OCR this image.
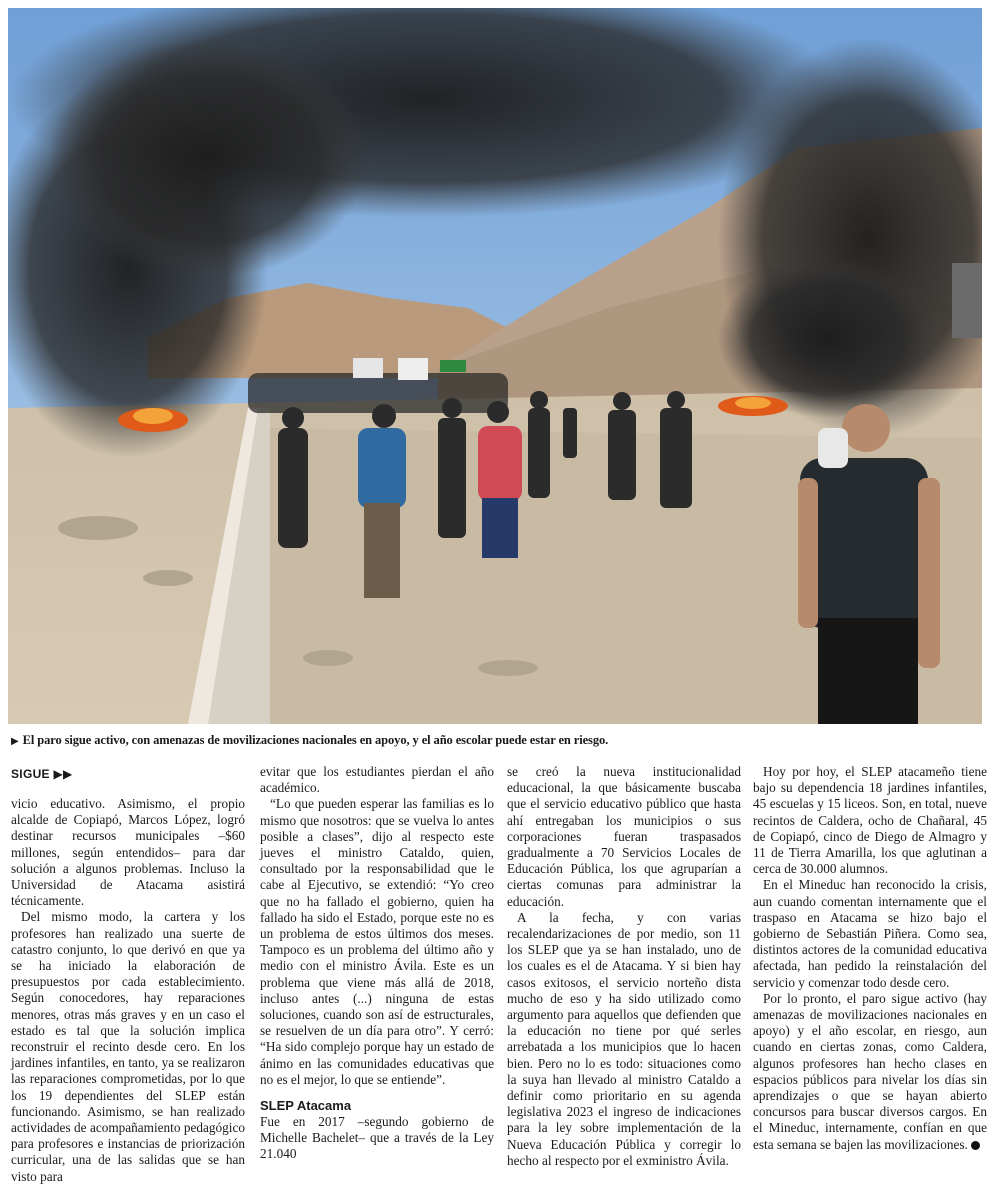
▶ El paro sigue activo, con amenazas de movilizaciones nacionales en apoyo, y el año escolar puede estar en riesgo.
SIGUE ▶▶

vicio educativo. Asimismo, el propio alcalde de Copiapó, Marcos López, logró destinar recursos municipales –$60 millones, según entendidos– para dar solución a algunos problemas. Incluso la Universidad de Atacama asistirá técnicamente.

Del mismo modo, la cartera y los profesores han realizado una suerte de catastro conjunto, lo que derivó en que ya se ha iniciado la elaboración de presupuestos por cada establecimiento. Según conocedores, hay reparaciones menores, otras más graves y en un caso el estado es tal que la solución implica reconstruir el recinto desde cero. En los jardines infantiles, en tanto, ya se realizaron las reparaciones comprometidas, por lo que los 19 dependientes del SLEP están funcionando. Asimismo, se han realizado actividades de acompañamiento pedagógico para profesores e instancias de priorización curricular, una de las salidas que se han visto para

evitar que los estudiantes pierdan el año académico.

“Lo que pueden esperar las familias es lo mismo que nosotros: que se vuelva lo antes posible a clases”, dijo al respecto este jueves el ministro Cataldo, quien, consultado por la responsabilidad que le cabe al Ejecutivo, se extendió: “Yo creo que no ha fallado el gobierno, quien ha fallado ha sido el Estado, porque este no es un problema de estos últimos dos meses. Tampoco es un problema del último año y medio con el ministro Ávila. Este es un problema que viene más allá de 2018, incluso antes (...) ninguna de estas soluciones, cuando son así de estructurales, se resuelven de un día para otro”. Y cerró: “Ha sido complejo porque hay un estado de ánimo en las comunidades educativas que no es el mejor, lo que se entiende”.

SLEP Atacama

Fue en 2017 –segundo gobierno de Michelle Bachelet– que a través de la Ley 21.040

se creó la nueva institucionalidad educacional, la que básicamente buscaba que el servicio educativo público que hasta ahí entregaban los municipios o sus corporaciones fueran traspasados gradualmente a 70 Servicios Locales de Educación Pública, los que agruparían a ciertas comunas para administrar la educación.

A la fecha, y con varias recalendarizaciones de por medio, son 11 los SLEP que ya se han instalado, uno de los cuales es el de Atacama. Y si bien hay casos exitosos, el servicio norteño dista mucho de eso y ha sido utilizado como argumento para aquellos que defienden que la educación no tiene por qué serles arrebatada a los municipios que lo hacen bien. Pero no lo es todo: situaciones como la suya han llevado al ministro Cataldo a definir como prioritario en su agenda legislativa 2023 el ingreso de indicaciones para la ley sobre implementación de la Nueva Educación Pública y corregir lo hecho al respecto por el exministro Ávila.

Hoy por hoy, el SLEP atacameño tiene bajo su dependencia 18 jardines infantiles, 45 escuelas y 15 liceos. Son, en total, nueve recintos de Caldera, ocho de Chañaral, 45 de Copiapó, cinco de Diego de Almagro y 11 de Tierra Amarilla, los que aglutinan a cerca de 30.000 alumnos.

En el Mineduc han reconocido la crisis, aun cuando comentan internamente que el traspaso en Atacama se hizo bajo el gobierno de Sebastián Piñera. Como sea, distintos actores de la comunidad educativa afectada, han pedido la reinstalación del servicio y comenzar todo desde cero.

Por lo pronto, el paro sigue activo (hay amenazas de movilizaciones nacionales en apoyo) y el año escolar, en riesgo, aun cuando en ciertas zonas, como Caldera, algunos profesores han hecho clases en espacios públicos para nivelar los días sin aprendizajes o que se hayan abierto concursos para buscar diversos cargos. En el Mineduc, internamente, confían en que esta semana se bajen las movilizaciones.
